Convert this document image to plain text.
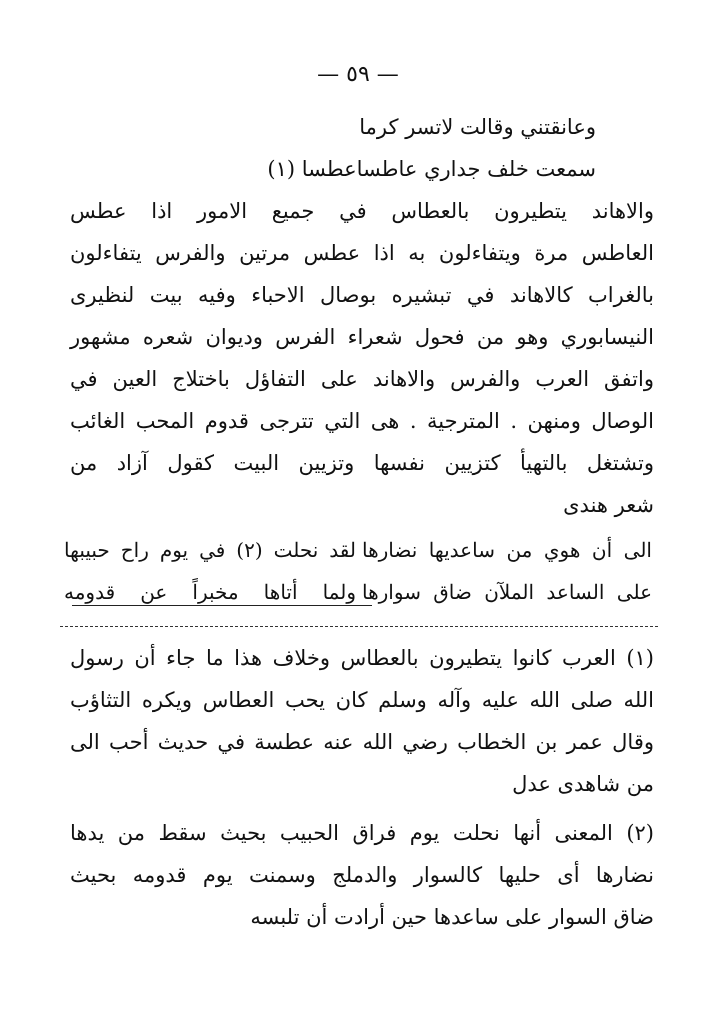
— ٥٩ —
وعانقتني وقالت لاتسر كرما
سمعت خلف جداري عاطساعطسا (١)
والاهاند يتطيرون بالعطاس في جميع الامور اذا عطس
العاطس مرة ويتفاءلون به اذا عطس مرتين والفرس يتفاءلون
بالغراب كالاهاند في تبشيره بوصال الاحباء وفيه بيت لنظيرى
النيسابوري وهو من فحول شعراء الفرس وديوان شعره مشهور
واتفق العرب والفرس والاهاند على التفاؤل باختلاج العين في
الوصال ومنهن . المترجية . هى التي تترجى قدوم المحب الغائب
وتشتغل بالتهيأ كتزيين نفسها وتزيين البيت كقول آزاد من
شعر هندى
لقد نحلت (٢) في يوم راح حبيبها الى أن هوي من ساعديها نضارها
ولما أتاها مخبراً عن قدومه على الساعد الملآن ضاق سوارها
(١) العرب كانوا يتطيرون بالعطاس وخلاف هذا ما جاء أن رسول
الله صلى الله عليه وآله وسلم كان يحب العطاس ويكره التثاؤب
وقال عمر بن الخطاب رضي الله عنه عطسة في حديث أحب الى
من شاهدى عدل
(٢) المعنى أنها نحلت يوم فراق الحبيب بحيث سقط من يدها
نضارها أى حليها كالسوار والدملج وسمنت يوم قدومه بحيث
ضاق السوار على ساعدها حين أرادت أن تلبسه
